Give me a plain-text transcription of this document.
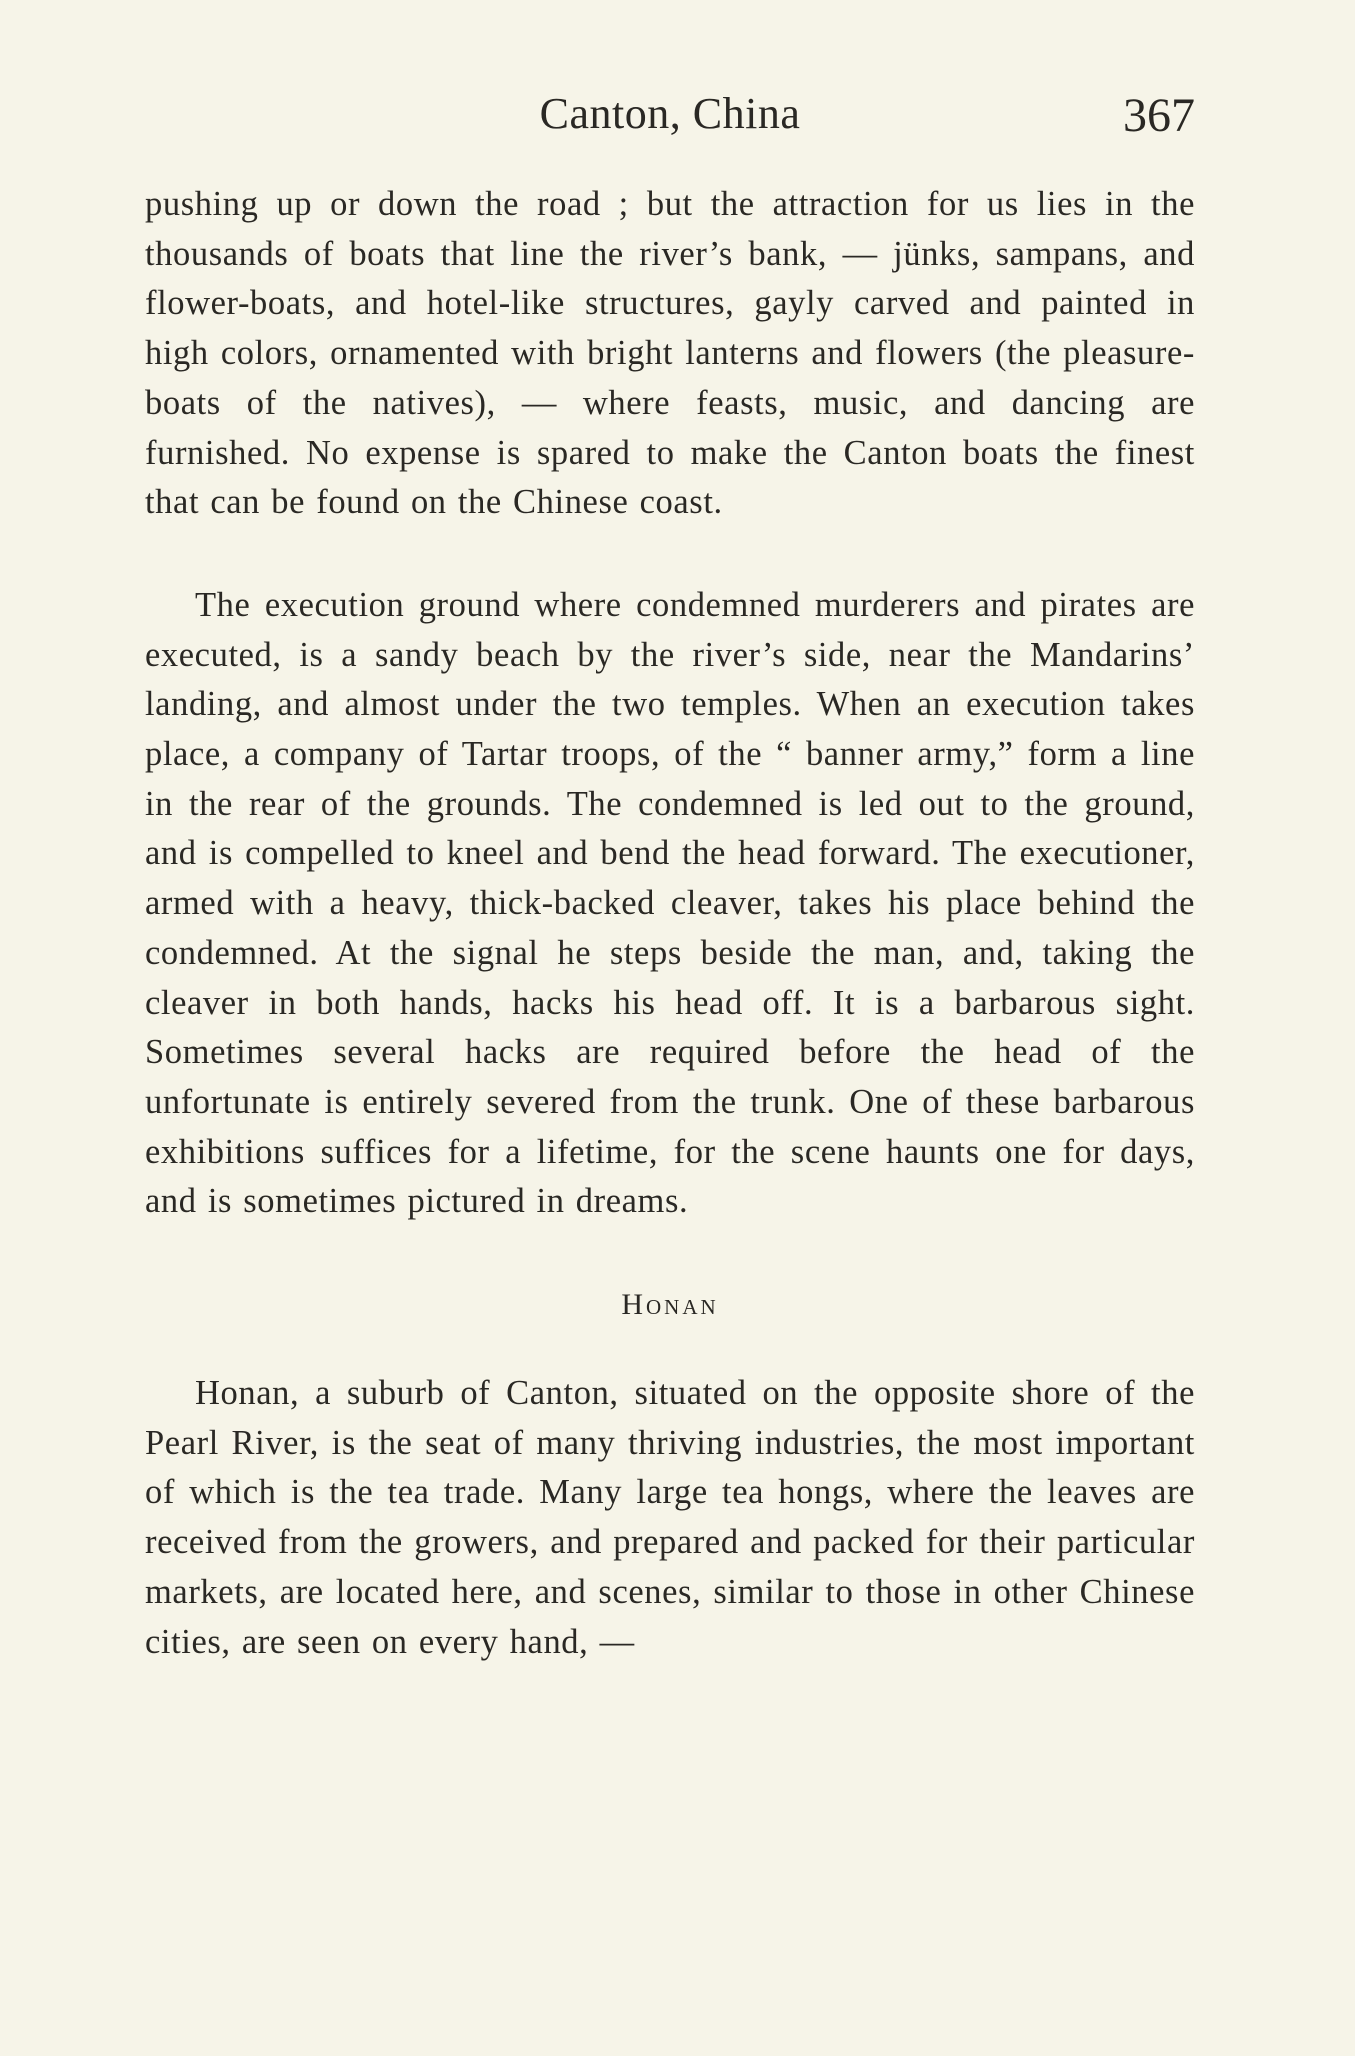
Canton, China	367

pushing up or down the road ; but the attraction for us lies in the thousands of boats that line the river’s bank, — jünks, sampans, and flower-boats, and hotel-like structures, gayly carved and painted in high colors, ornamented with bright lanterns and flowers (the pleasure-boats of the natives), — where feasts, music, and dancing are furnished. No expense is spared to make the Canton boats the finest that can be found on the Chinese coast.

The execution ground where condemned murderers and pirates are executed, is a sandy beach by the river’s side, near the Mandarins’ landing, and almost under the two temples. When an execution takes place, a company of Tartar troops, of the “ banner army,” form a line in the rear of the grounds. The condemned is led out to the ground, and is compelled to kneel and bend the head forward. The executioner, armed with a heavy, thick-backed cleaver, takes his place behind the condemned. At the signal he steps beside the man, and, taking the cleaver in both hands, hacks his head off. It is a barbarous sight. Sometimes several hacks are required before the head of the unfortunate is entirely severed from the trunk. One of these barbarous exhibitions suffices for a lifetime, for the scene haunts one for days, and is sometimes pictured in dreams.

Honan

Honan, a suburb of Canton, situated on the opposite shore of the Pearl River, is the seat of many thriving industries, the most important of which is the tea trade. Many large tea hongs, where the leaves are received from the growers, and prepared and packed for their particular markets, are located here, and scenes, similar to those in other Chinese cities, are seen on every hand, —
